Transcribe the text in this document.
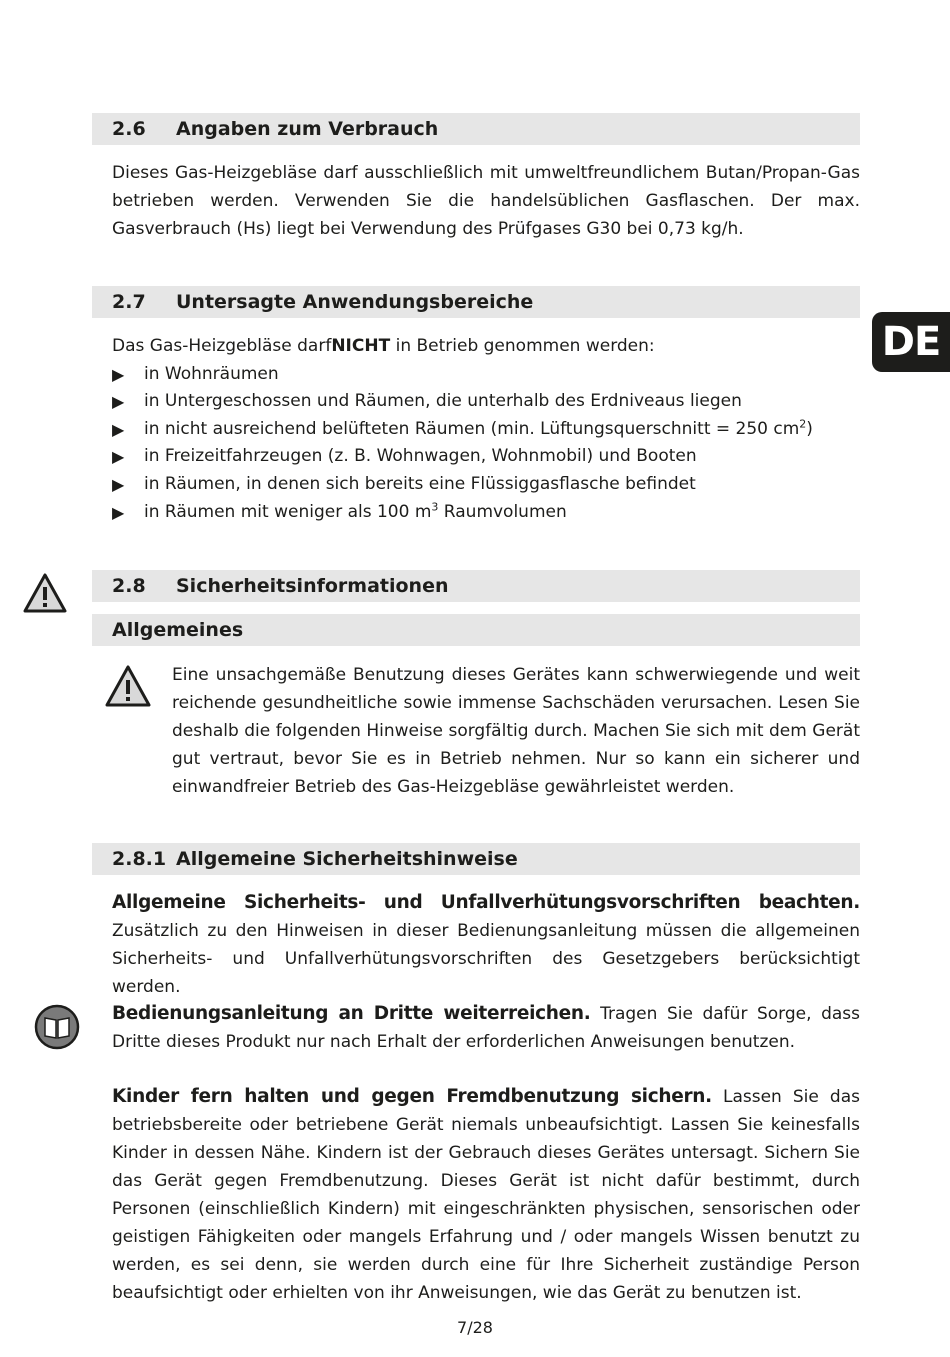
2.6	Angaben zum Verbrauch

Dieses Gas-Heizgebläse darf ausschließlich mit umweltfreundlichem Butan/Propan-Gas betrieben werden. Verwenden Sie die handelsüblichen Gasflaschen. Der max. Gasverbrauch (Hs) liegt bei Verwendung des Prüfgases G30 bei 0,73 kg/h.

2.7	Untersagte Anwendungsbereiche
Das Gas-Heizgebläse darf NICHT in Betrieb genommen werden:
▶	in Wohnräumen
▶	in Untergeschossen und Räumen, die unterhalb des Erdniveaus liegen
▶	in nicht ausreichend belüfteten Räumen (min. Lüftungsquerschnitt = 250 $cm^2$)
▶	in Freizeitfahrzeugen (z. B. Wohnwagen, Wohnmobil) und Booten
▶	in Räumen, in denen sich bereits eine Flüssiggasflasche befindet
▶	in Räumen mit weniger als 100 $m^3$ Raumvolumen
DE
2.8	Sicherheitsinformationen
Allgemeines

Eine unsachgemäße Benutzung dieses Gerätes kann schwerwiegende und weit reichende gesundheitliche sowie immense Sachschäden verursachen. Lesen Sie deshalb die folgenden Hinweise sorgfältig durch. Machen Sie sich mit dem Gerät gut vertraut, bevor Sie es in Betrieb nehmen. Nur so kann ein sicherer und einwandfreier Betrieb des Gas-Heizgebläse gewährleistet werden.

2.8.1 Allgemeine Sicherheitshinweise

Allgemeine Sicherheits- und Unfallverhütungsvorschriften beachten. Zusätzlich zu den Hinweisen in dieser Bedienungsanleitung müssen die allgemeinen Sicherheits- und Unfallverhütungsvorschriften des Gesetzgebers berücksichtigt werden.

Bedienungsanleitung an Dritte weiterreichen. Tragen Sie dafür Sorge, dass Dritte dieses Produkt nur nach Erhalt der erforderlichen Anweisungen benutzen.

Kinder fern halten und gegen Fremdbenutzung sichern. Lassen Sie das betriebsbereite oder betriebene Gerät niemals unbeaufsichtigt. Lassen Sie keinesfalls Kinder in dessen Nähe. Kindern ist der Gebrauch dieses Gerätes untersagt. Sichern Sie das Gerät gegen Fremdbenutzung. Dieses Gerät ist nicht dafür bestimmt, durch Personen (einschließlich Kindern) mit eingeschränkten physischen, sensorischen oder geistigen Fähigkeiten oder mangels Erfahrung und / oder mangels Wissen benutzt zu werden, es sei denn, sie werden durch eine für Ihre Sicherheit zuständige Person beaufsichtigt oder erhielten von ihr Anweisungen, wie das Gerät zu benutzen ist.

7/28
